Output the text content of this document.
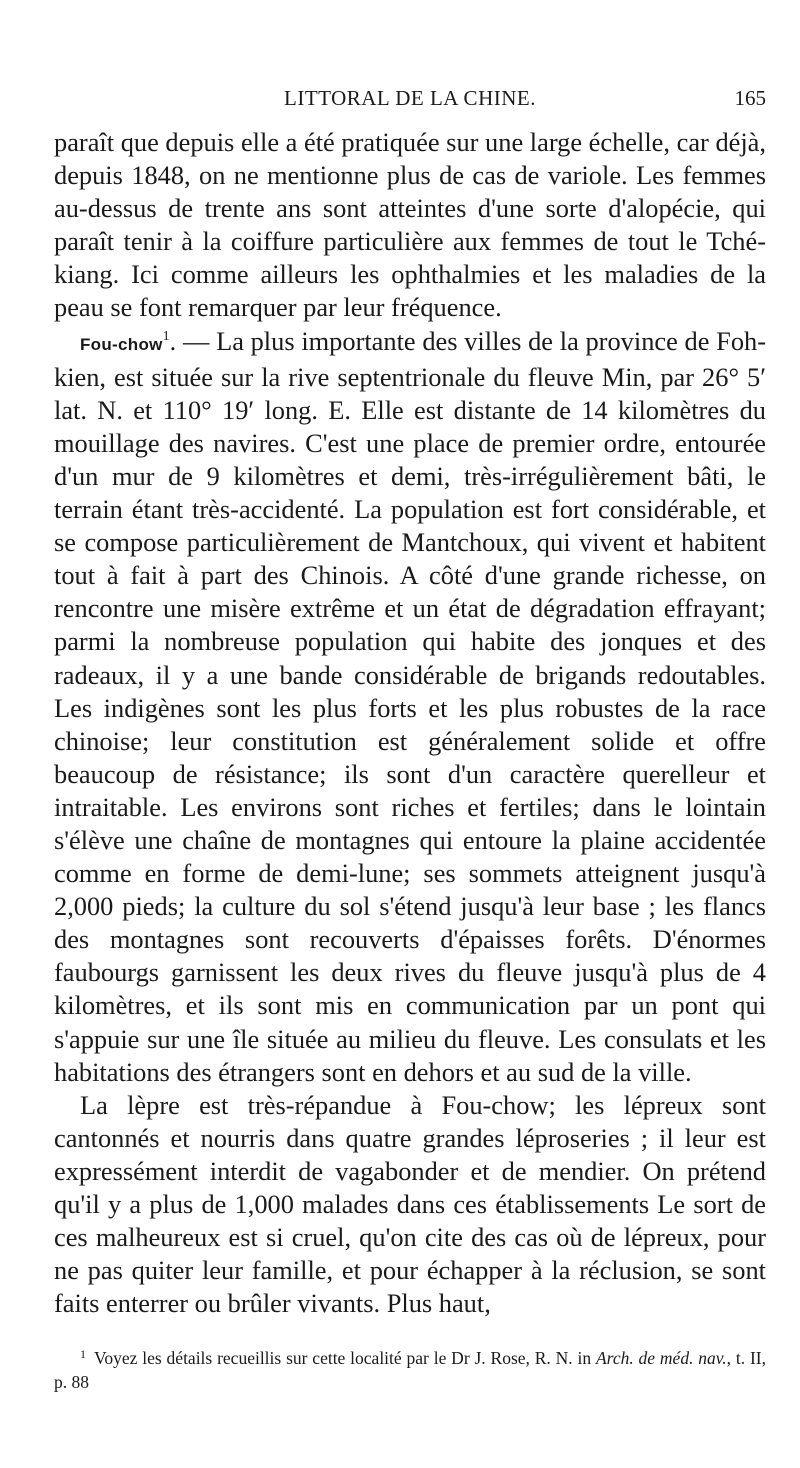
LITTORAL DE LA CHINE.	165

paraît que depuis elle a été pratiquée sur une large échelle, car déjà, depuis 1848, on ne mentionne plus de cas de variole. Les femmes au-dessus de trente ans sont atteintes d'une sorte d'alopécie, qui paraît tenir à la coiffure particulière aux femmes de tout le Tché-kiang. Ici comme ailleurs les ophthalmies et les maladies de la peau se font remarquer par leur fréquence.

Fou-chow$^1$. — La plus importante des villes de la province de Foh-kien, est située sur la rive septentrionale du fleuve Min, par 26° 5′ lat. N. et 110° 19′ long. E. Elle est distante de 14 kilomètres du mouillage des navires. C'est une place de premier ordre, entourée d'un mur de 9 kilomètres et demi, très-irrégulièrement bâti, le terrain étant très-accidenté. La population est fort considérable, et se compose particulièrement de Mantchoux, qui vivent et habitent tout à fait à part des Chinois. A côté d'une grande richesse, on rencontre une misère extrême et un état de dégradation effrayant; parmi la nombreuse population qui habite des jonques et des radeaux, il y a une bande considérable de brigands redoutables. Les indigènes sont les plus forts et les plus robustes de la race chinoise; leur constitution est généralement solide et offre beaucoup de résistance; ils sont d'un caractère querelleur et intraitable. Les environs sont riches et fertiles; dans le lointain s'élève une chaîne de montagnes qui entoure la plaine accidentée comme en forme de demi-lune; ses sommets atteignent jusqu'à 2,000 pieds; la culture du sol s'étend jusqu'à leur base ; les flancs des montagnes sont recouverts d'épaisses forêts. D'énormes faubourgs garnissent les deux rives du fleuve jusqu'à plus de 4 kilomètres, et ils sont mis en communication par un pont qui s'appuie sur une île située au milieu du fleuve. Les consulats et les habitations des étrangers sont en dehors et au sud de la ville.

La lèpre est très-répandue à Fou-chow; les lépreux sont cantonnés et nourris dans quatre grandes léproseries ; il leur est expressément interdit de vagabonder et de mendier. On prétend qu'il y a plus de 1,000 malades dans ces établissements Le sort de ces malheureux est si cruel, qu'on cite des cas où de lépreux, pour ne pas quiter leur famille, et pour échapper à la réclusion, se sont faits enterrer ou brûler vivants. Plus haut,

$^1$ Voyez les détails recueillis sur cette localité par le Dr J. Rose, R. N. in Arch. de méd. nav., t. II, p. 88
